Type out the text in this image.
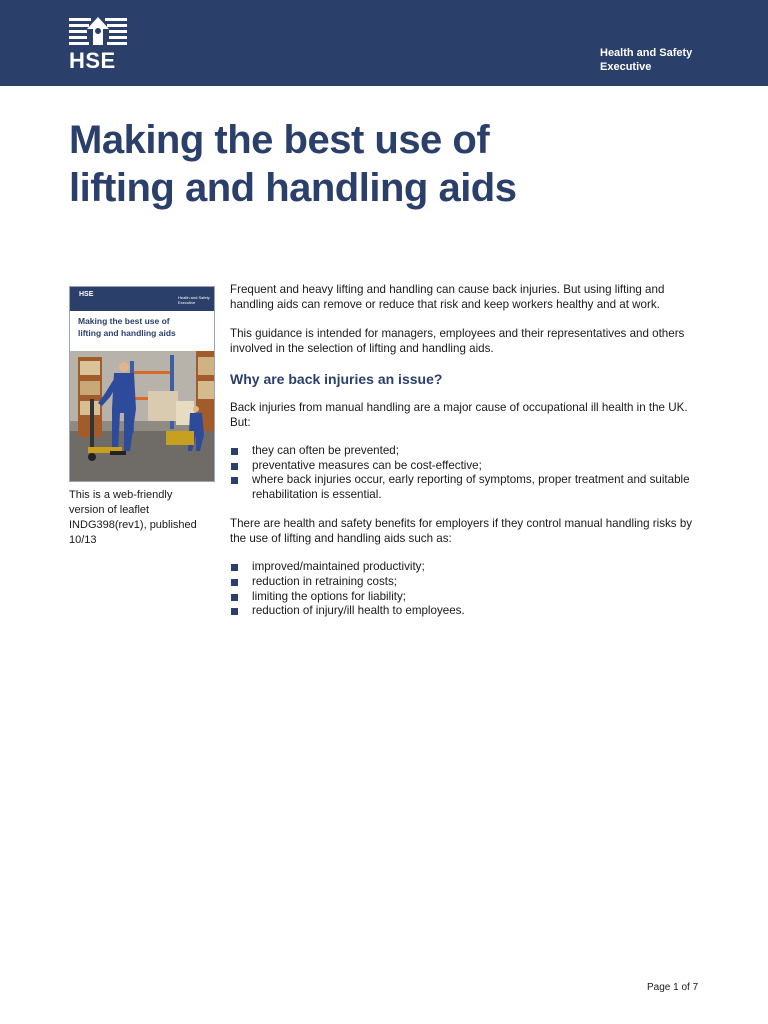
HSE	Health and Safety
Executive
Making the best use of
lifting and handling aids
HSE	Health and Safety Executive
Making the best use of
lifting and handling aids
This is a web-friendly version of leaflet INDG398(rev1), published 10/13

Frequent and heavy lifting and handling can cause back injuries. But using lifting and handling aids can remove or reduce that risk and keep workers healthy and at work.

This guidance is intended for managers, employees and their representatives and others involved in the selection of lifting and handling aids.

Why are back injuries an issue?

Back injuries from manual handling are a major cause of occupational ill health in the UK. But:

they can often be prevented;
preventative measures can be cost-effective;
where back injuries occur, early reporting of symptoms, proper treatment and suitable rehabilitation is essential.

There are health and safety benefits for employers if they control manual handling risks by the use of lifting and handling aids such as:

improved/maintained productivity;
reduction in retraining costs;
limiting the options for liability;
reduction of injury/ill health to employees.
Page 1 of 7
